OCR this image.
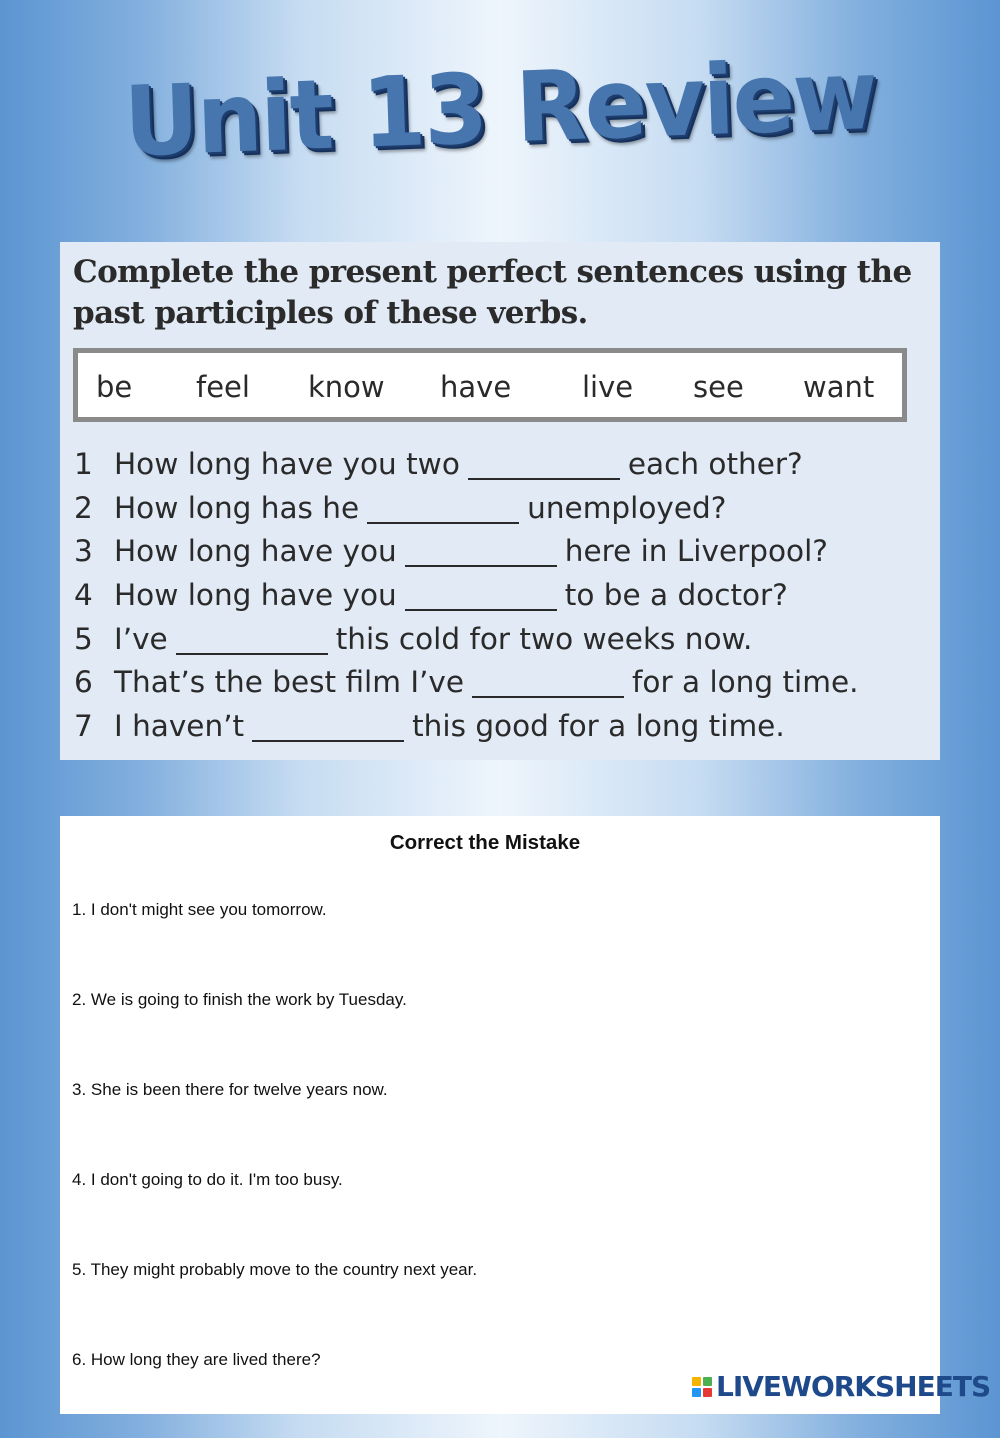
Unit 13 Review

Complete the present perfect sentences using the past participles of these verbs.

be feel know have live see want
1 How long have you two	each other?
2 How long has he	unemployed?
3 How long have you	here in Liverpool?
4 How long have you	to be a doctor?
5 I’ve	this cold for two weeks now.
6 That’s the best film I’ve	for a long time.
7 I haven’t	this good for a long time.

Correct the Mistake

1. I don't might see you tomorrow.
2. We is going to finish the work by Tuesday.
3. She is been there for twelve years now.
4. I don't going to do it. I'm too busy.
5. They might probably move to the country next year.
6. How long they are lived there?
LIVEWORKSHEETS
